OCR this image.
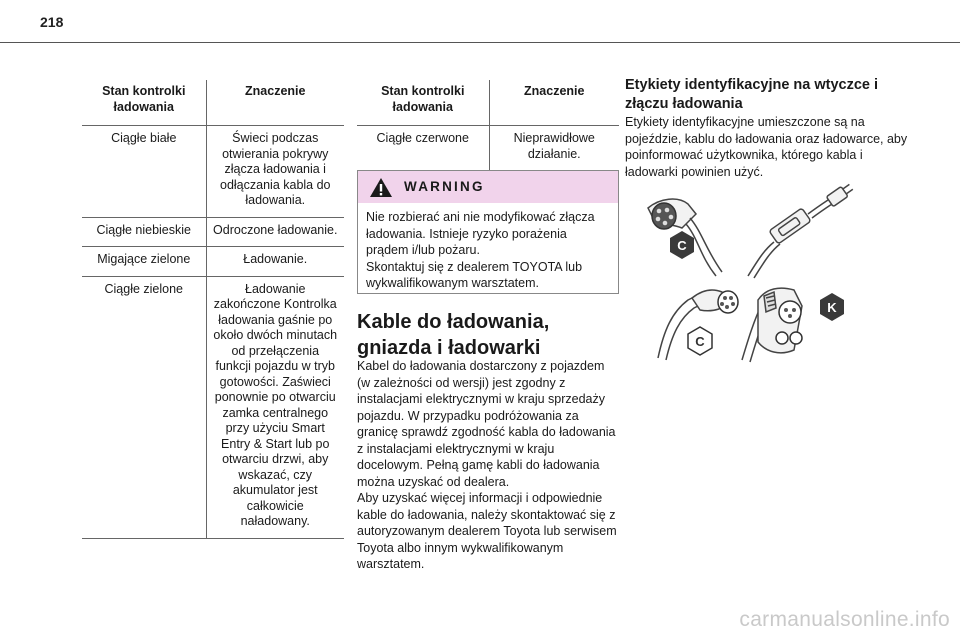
218
Stan kontrolki ładowania	Znaczenie
Ciągłe białe	Świeci podczas otwierania pokrywy złącza ładowania i odłączania kabla do ładowania.
Ciągłe niebieskie	Odroczone ładowanie.
Migające zielone	Ładowanie.
Ciągłe zielone	Ładowanie zakończone Kontrolka ładowania gaśnie po około dwóch minutach od przełączenia funkcji pojazdu w tryb gotowości. Zaświeci ponownie po otwarciu zamka centralnego przy użyciu Smart Entry & Start lub po otwarciu drzwi, aby wskazać, czy akumulator jest całkowicie naładowany.
Stan kontrolki ładowania	Znaczenie
Ciągłe czerwone	Nieprawidłowe działanie.
WARNING
Nie rozbierać ani nie modyfikować złącza ładowania. Istnieje ryzyko porażenia prądem i/lub pożaru.
Skontaktuj się z dealerem TOYOTA lub wykwalifikowanym warsztatem.
Kable do ładowania, gniazda i ładowarki

Kabel do ładowania dostarczony z pojazdem (w zależności od wersji) jest zgodny z instalacjami elektrycznymi w kraju sprzedaży pojazdu. W przypadku podróżowania za granicę sprawdź zgodność kabla do ładowania z instalacjami elektrycznymi w kraju docelowym. Pełną gamę kabli do ładowania można uzyskać od dealera.
Aby uzyskać więcej informacji i odpowiednie kable do ładowania, należy skontaktować się z autoryzowanym dealerem Toyota lub serwisem Toyota albo innym wykwalifikowanym warsztatem.

Etykiety identyfikacyjne na wtyczce i złączu ładowania

Etykiety identyfikacyjne umieszczone są na pojeździe, kablu do ładowania oraz ładowarce, aby poinformować użytkownika, którego kabla i ładowarki powinien użyć.

C
C
K
carmanualsonline.info
